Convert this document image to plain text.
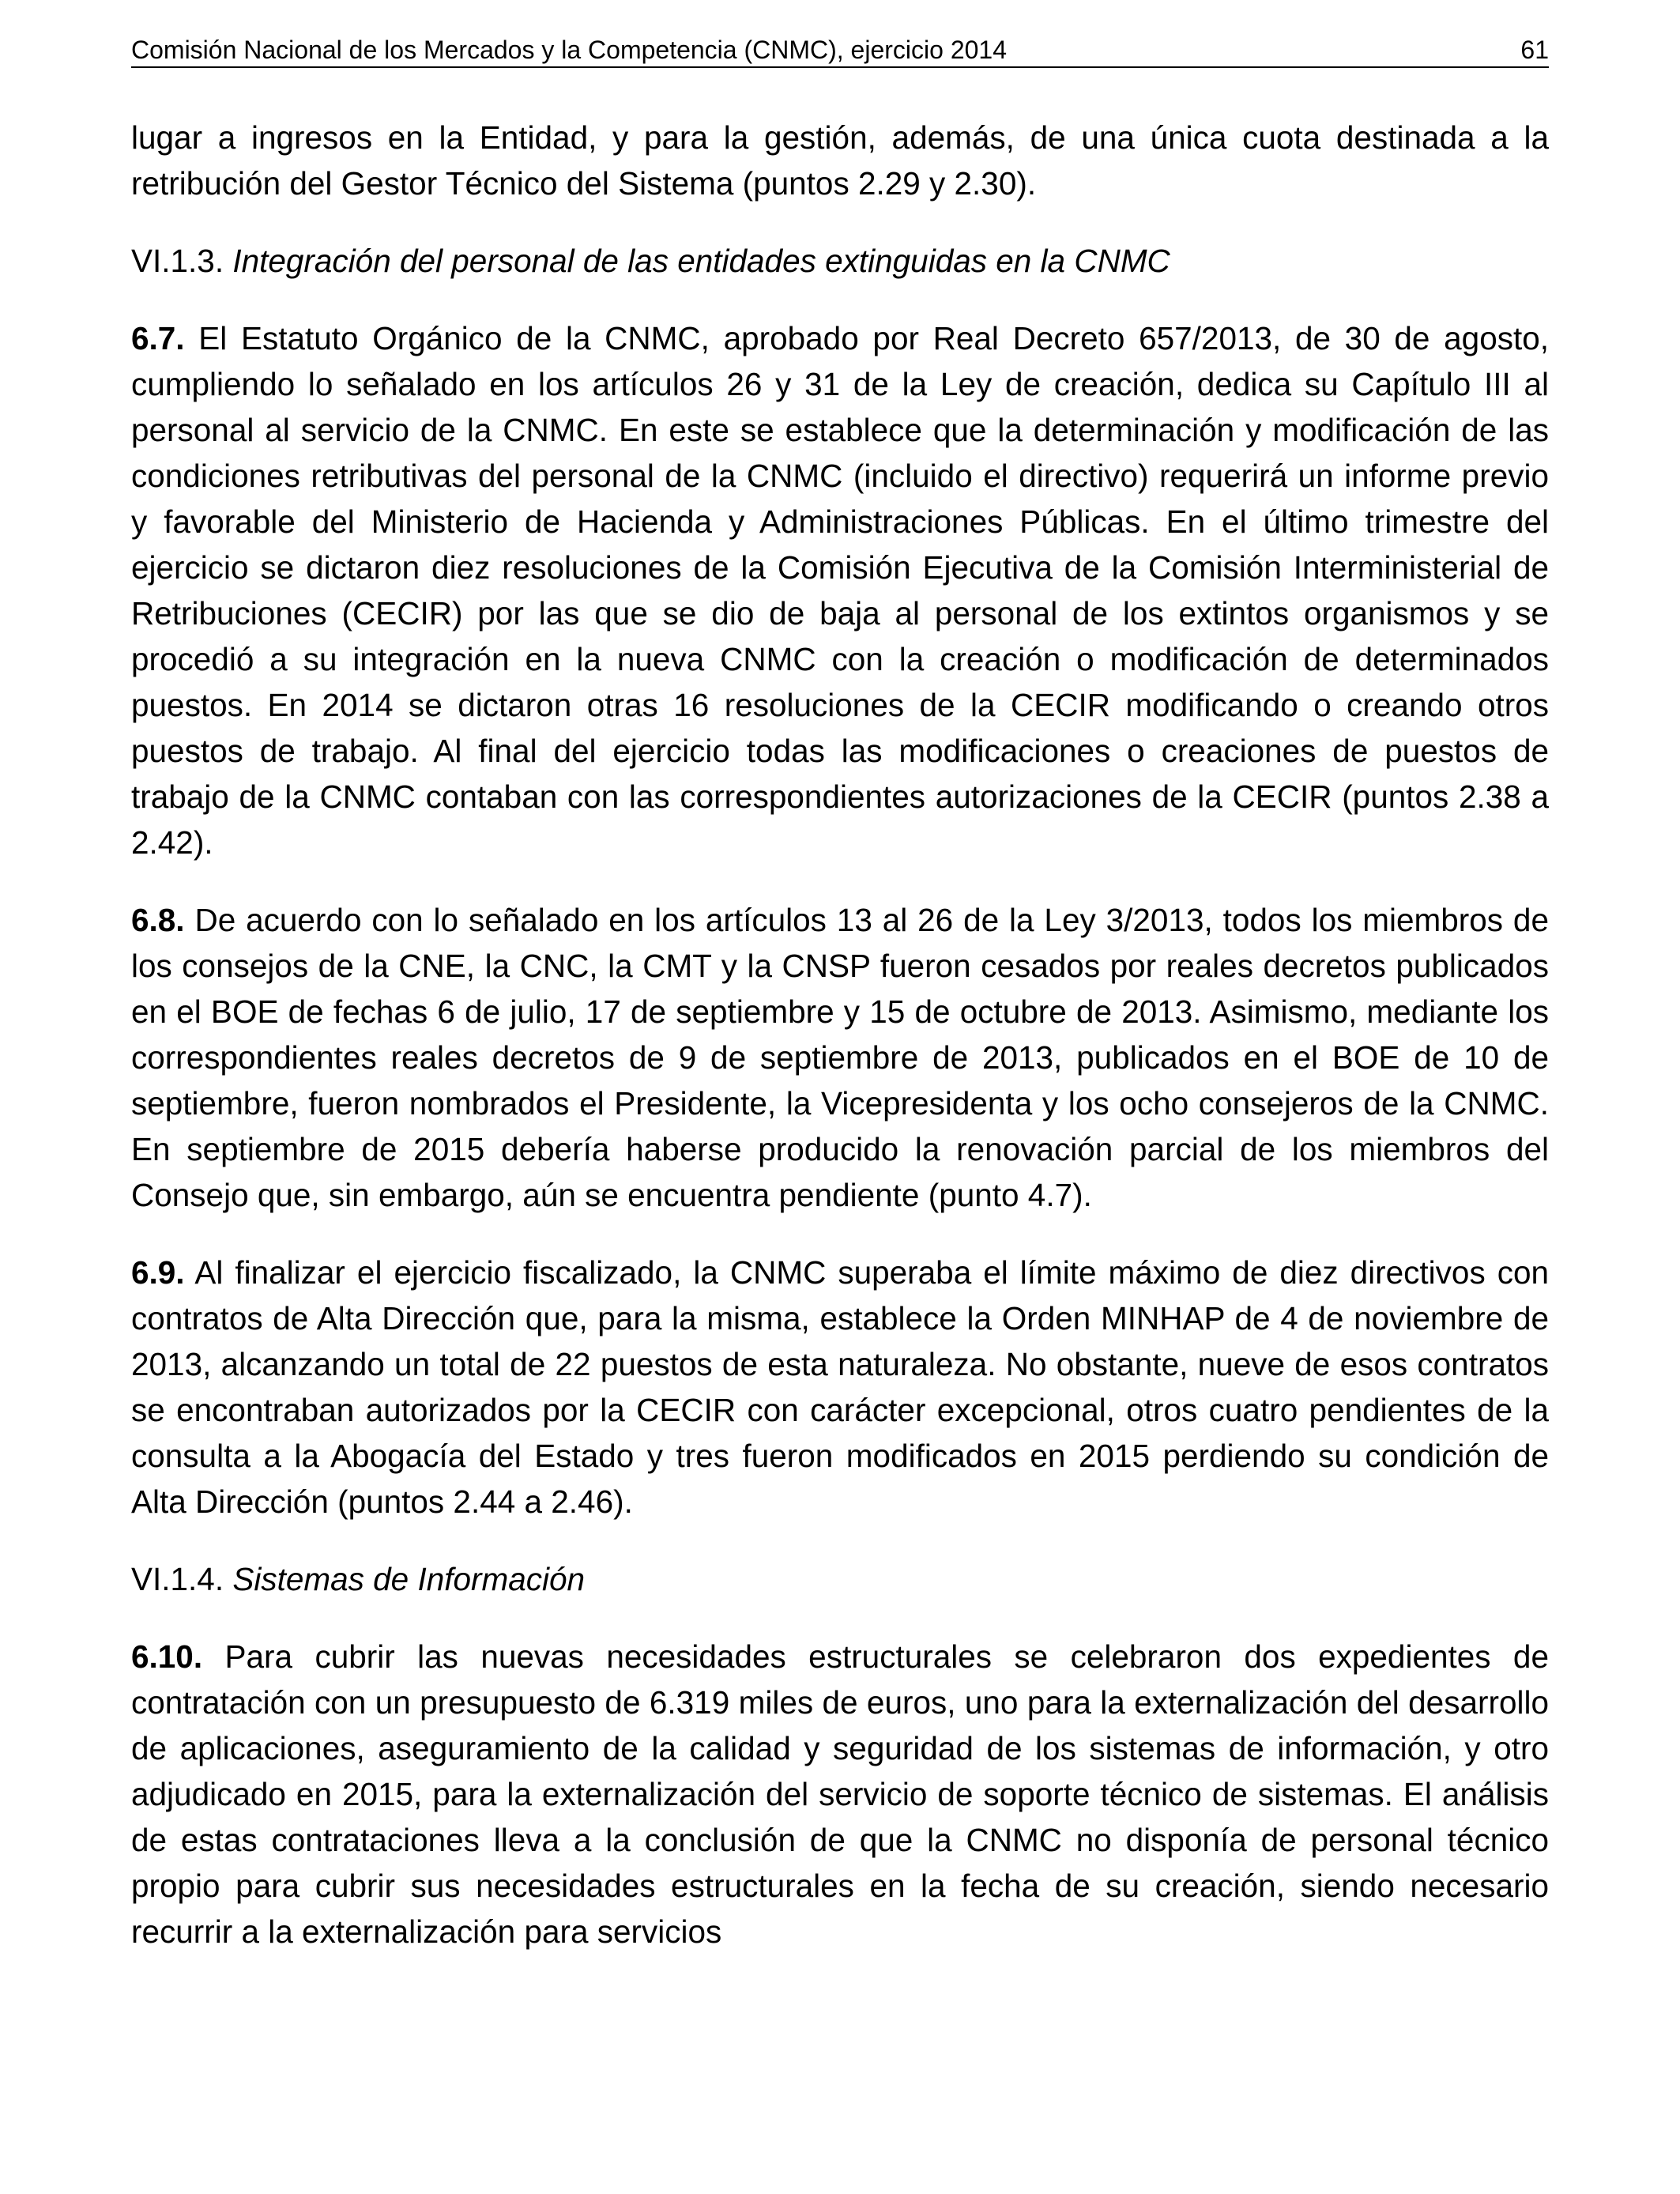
Comisión Nacional de los Mercados y la Competencia (CNMC), ejercicio 2014	61

lugar a ingresos en la Entidad, y para la gestión, además, de una única cuota destinada a la retribución del Gestor Técnico del Sistema (puntos 2.29 y 2.30).

VI.1.3. Integración del personal de las entidades extinguidas en la CNMC

6.7. El Estatuto Orgánico de la CNMC, aprobado por Real Decreto 657/2013, de 30 de agosto, cumpliendo lo señalado en los artículos 26 y 31 de la Ley de creación, dedica su Capítulo III al personal al servicio de la CNMC. En este se establece que la determinación y modificación de las condiciones retributivas del personal de la CNMC (incluido el directivo) requerirá un informe previo y favorable del Ministerio de Hacienda y Administraciones Públicas. En el último trimestre del ejercicio se dictaron diez resoluciones de la Comisión Ejecutiva de la Comisión Interministerial de Retribuciones (CECIR) por las que se dio de baja al personal de los extintos organismos y se procedió a su integración en la nueva CNMC con la creación o modificación de determinados puestos. En 2014 se dictaron otras 16 resoluciones de la CECIR modificando o creando otros puestos de trabajo. Al final del ejercicio todas las modificaciones o creaciones de puestos de trabajo de la CNMC contaban con las correspondientes autorizaciones de la CECIR (puntos 2.38 a 2.42).

6.8. De acuerdo con lo señalado en los artículos 13 al 26 de la Ley 3/2013, todos los miembros de los consejos de la CNE, la CNC, la CMT y la CNSP fueron cesados por reales decretos publicados en el BOE de fechas 6 de julio, 17 de septiembre y 15 de octubre de 2013. Asimismo, mediante los correspondientes reales decretos de 9 de septiembre de 2013, publicados en el BOE de 10 de septiembre, fueron nombrados el Presidente, la Vicepresidenta y los ocho consejeros de la CNMC. En septiembre de 2015 debería haberse producido la renovación parcial de los miembros del Consejo que, sin embargo, aún se encuentra pendiente (punto 4.7).

6.9. Al finalizar el ejercicio fiscalizado, la CNMC superaba el límite máximo de diez directivos con contratos de Alta Dirección que, para la misma, establece la Orden MINHAP de 4 de noviembre de 2013, alcanzando un total de 22 puestos de esta naturaleza. No obstante, nueve de esos contratos se encontraban autorizados por la CECIR con carácter excepcional, otros cuatro pendientes de la consulta a la Abogacía del Estado y tres fueron modificados en 2015 perdiendo su condición de Alta Dirección (puntos 2.44 a 2.46).

VI.1.4. Sistemas de Información

6.10. Para cubrir las nuevas necesidades estructurales se celebraron dos expedientes de contratación con un presupuesto de 6.319 miles de euros, uno para la externalización del desarrollo de aplicaciones, aseguramiento de la calidad y seguridad de los sistemas de información, y otro adjudicado en 2015, para la externalización del servicio de soporte técnico de sistemas. El análisis de estas contrataciones lleva a la conclusión de que la CNMC no disponía de personal técnico propio para cubrir sus necesidades estructurales en la fecha de su creación, siendo necesario recurrir a la externalización para servicios
